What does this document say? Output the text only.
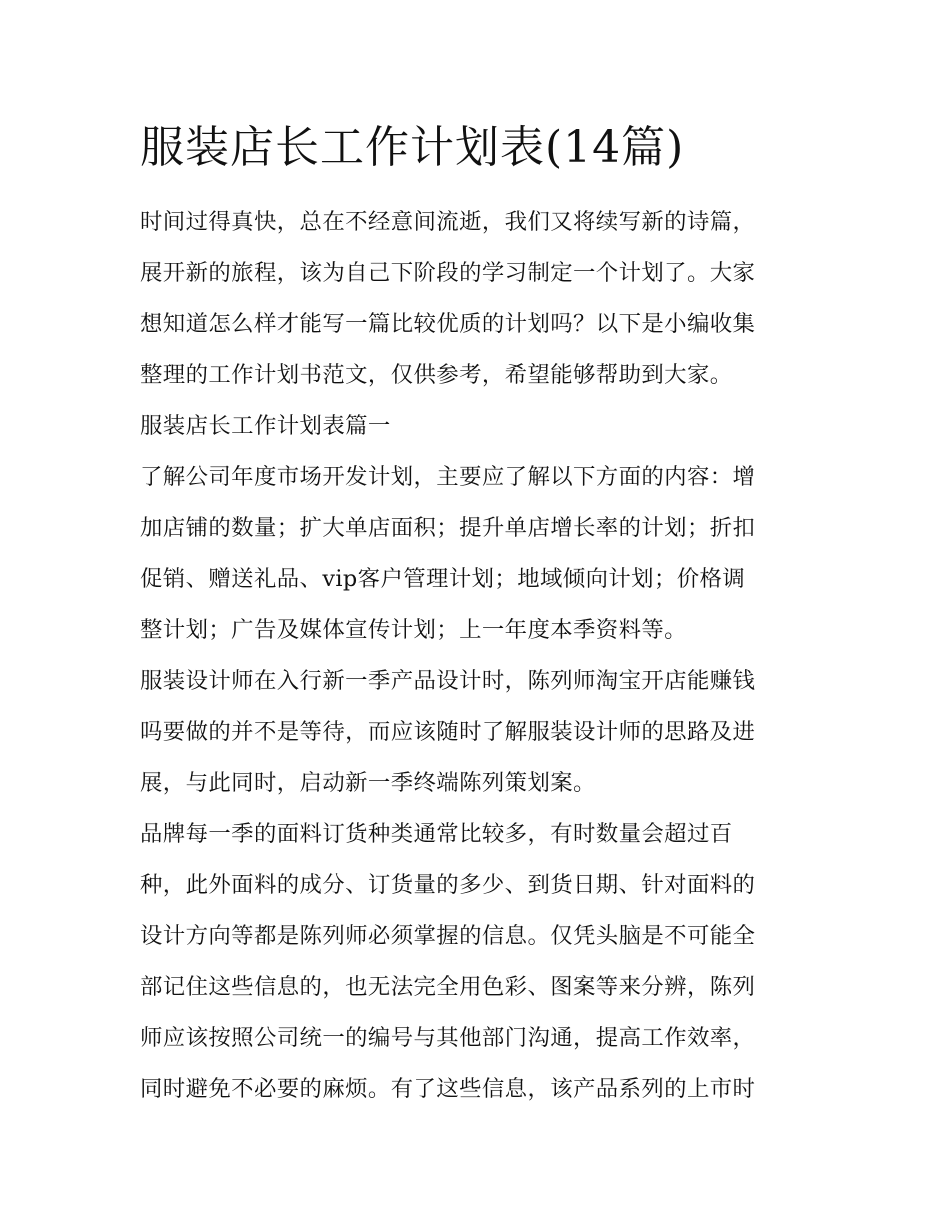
服装店长工作计划表(14篇)

时间过得真快，总在不经意间流逝，我们又将续写新的诗篇，
展开新的旅程，该为自己下阶段的学习制定一个计划了。大家
想知道怎么样才能写一篇比较优质的计划吗？以下是小编收集
整理的工作计划书范文，仅供参考，希望能够帮助到大家。

服装店长工作计划表篇一

了解公司年度市场开发计划，主要应了解以下方面的内容：增
加店铺的数量；扩大单店面积；提升单店增长率的计划；折扣
促销、赠送礼品、vip客户管理计划；地域倾向计划；价格调
整计划；广告及媒体宣传计划；上一年度本季资料等。

服装设计师在入行新一季产品设计时，陈列师淘宝开店能赚钱
吗要做的并不是等待，而应该随时了解服装设计师的思路及进
展，与此同时，启动新一季终端陈列策划案。

品牌每一季的面料订货种类通常比较多，有时数量会超过百
种，此外面料的成分、订货量的多少、到货日期、针对面料的
设计方向等都是陈列师必须掌握的信息。仅凭头脑是不可能全
部记住这些信息的，也无法完全用色彩、图案等来分辨，陈列
师应该按照公司统一的编号与其他部门沟通，提高工作效率，
同时避免不必要的麻烦。有了这些信息，该产品系列的上市时
